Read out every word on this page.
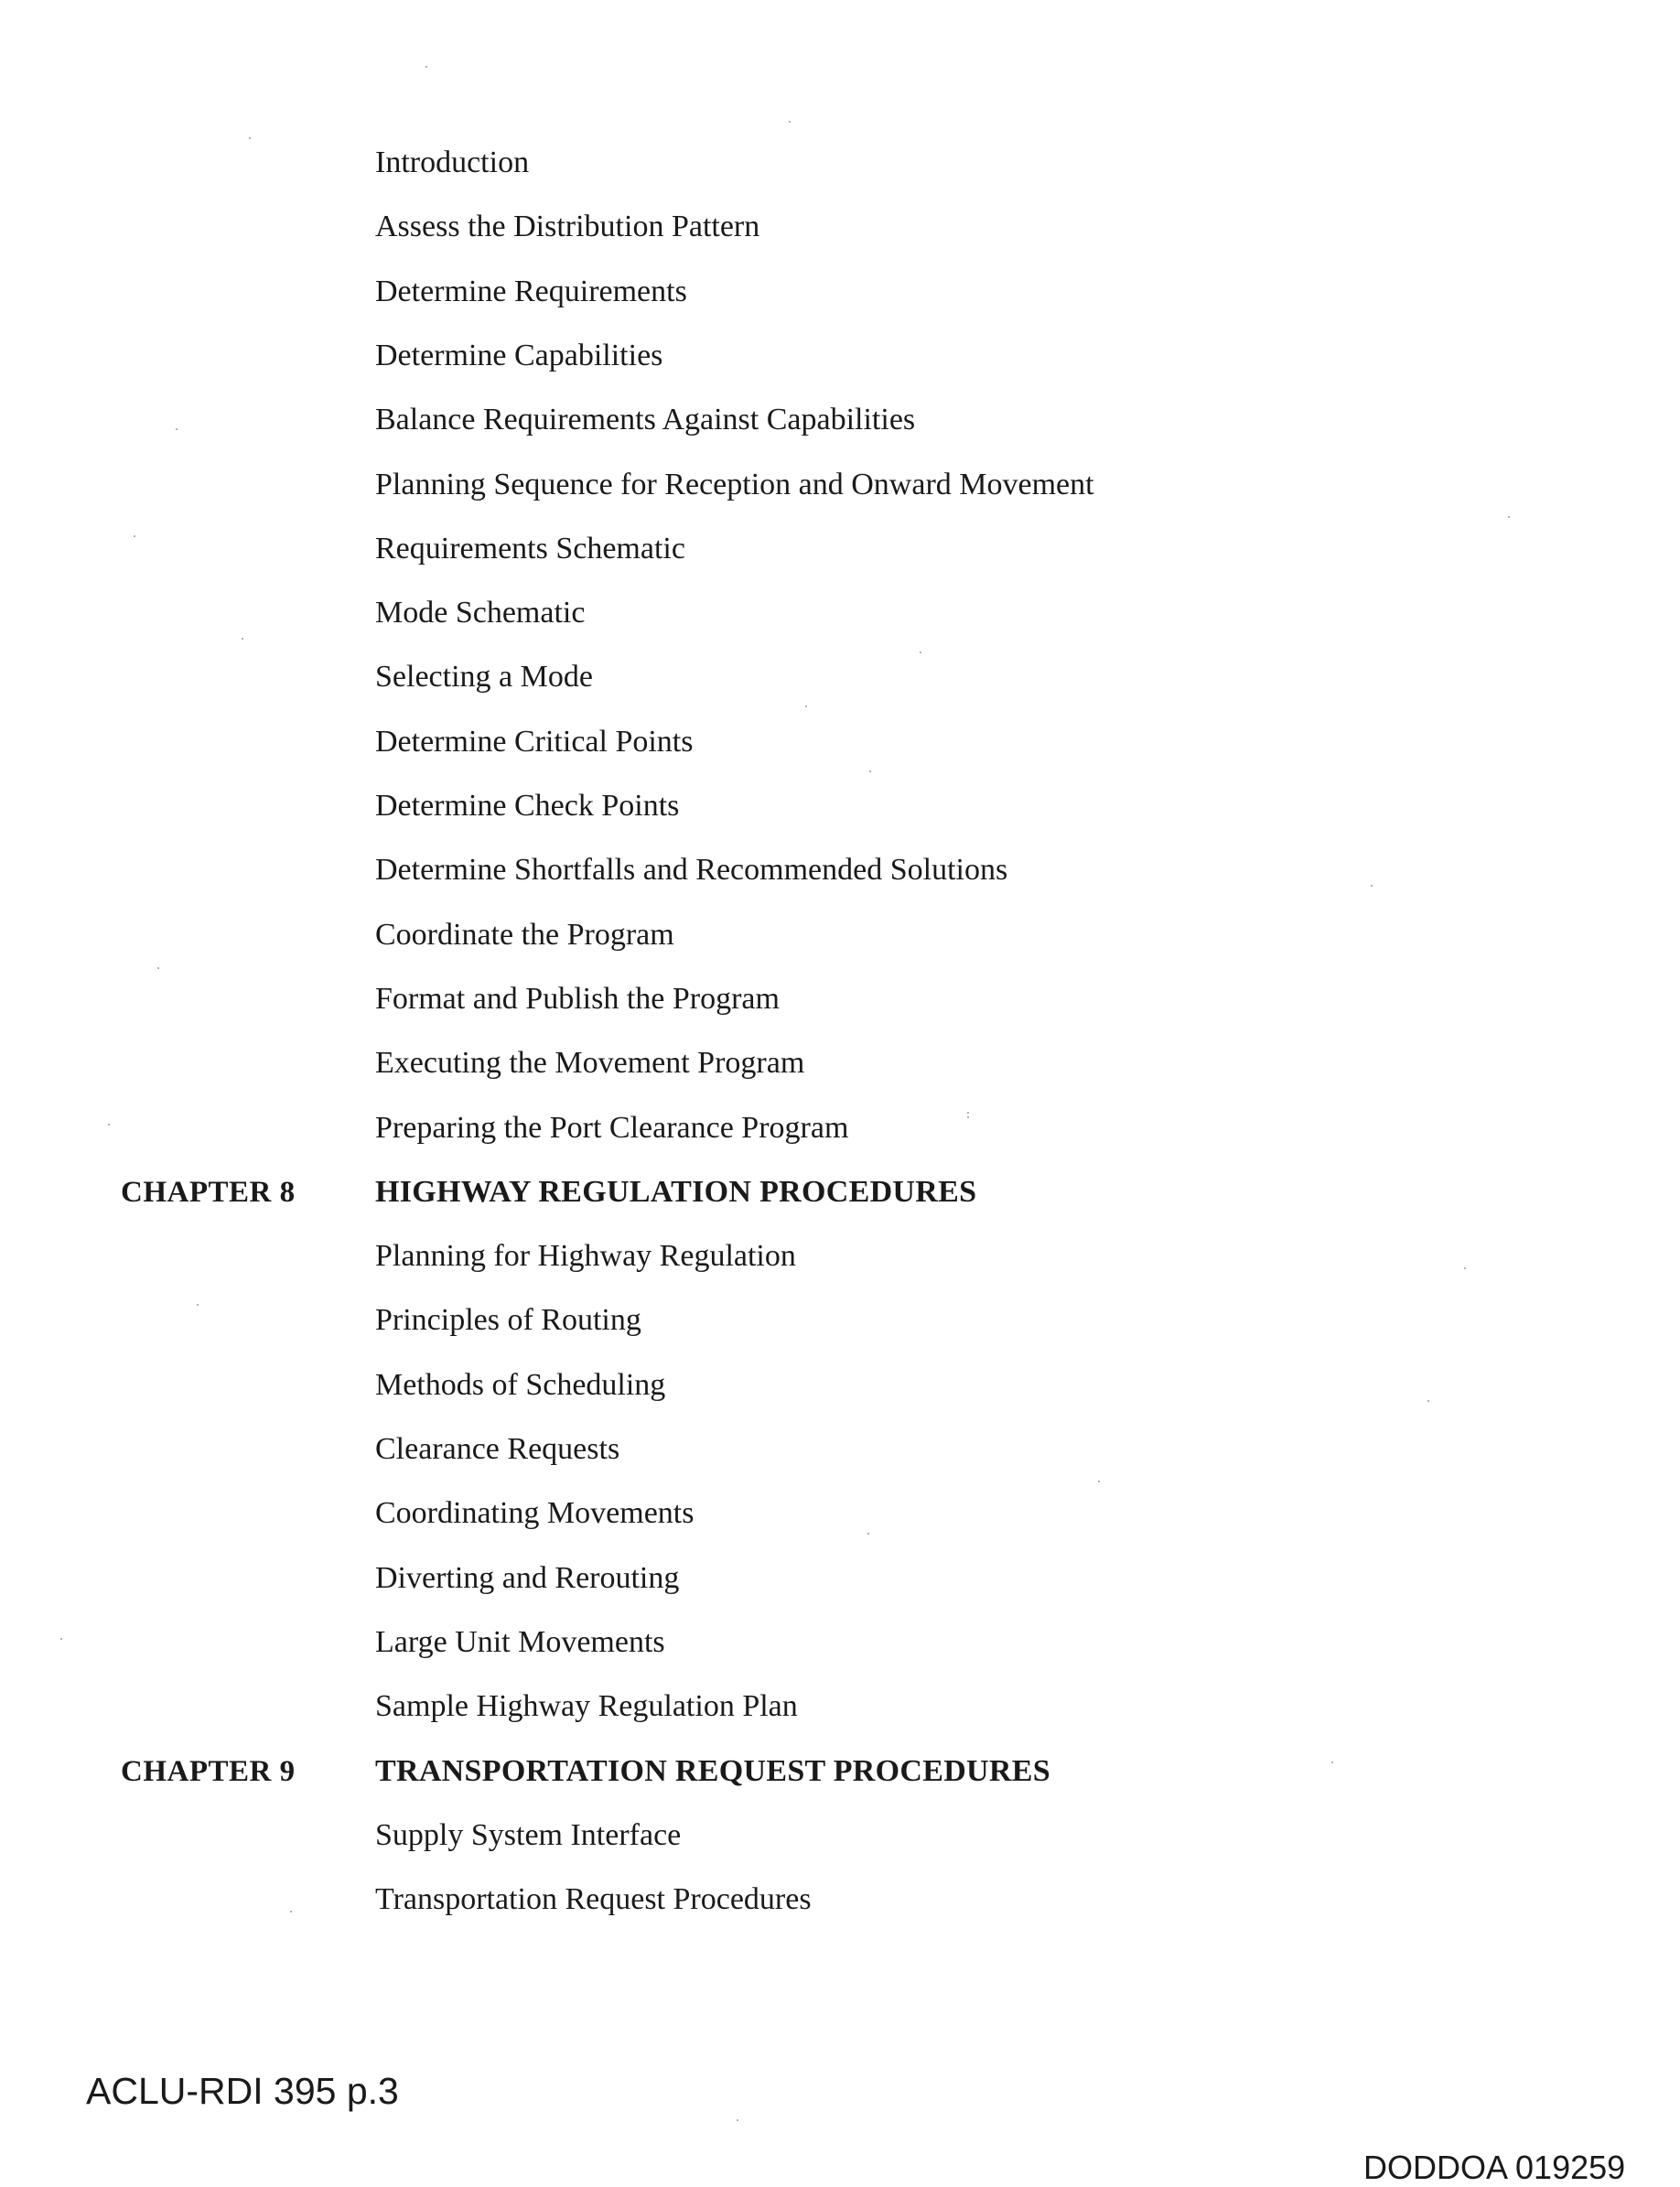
Introduction
Assess the Distribution Pattern
Determine Requirements
Determine Capabilities
Balance Requirements Against Capabilities
Planning Sequence for Reception and Onward Movement
Requirements Schematic
Mode Schematic
Selecting a Mode
Determine Critical Points
Determine Check Points
Determine Shortfalls and Recommended Solutions
Coordinate the Program
Format and Publish the Program
Executing the Movement Program
Preparing the Port Clearance Program
CHAPTER 8	HIGHWAY REGULATION PROCEDURES
Planning for Highway Regulation
Principles of Routing
Methods of Scheduling
Clearance Requests
Coordinating Movements
Diverting and Rerouting
Large Unit Movements
Sample Highway Regulation Plan
CHAPTER 9	TRANSPORTATION REQUEST PROCEDURES
Supply System Interface
Transportation Request Procedures
ACLU-RDI 395 p.3
DODDOA 019259
